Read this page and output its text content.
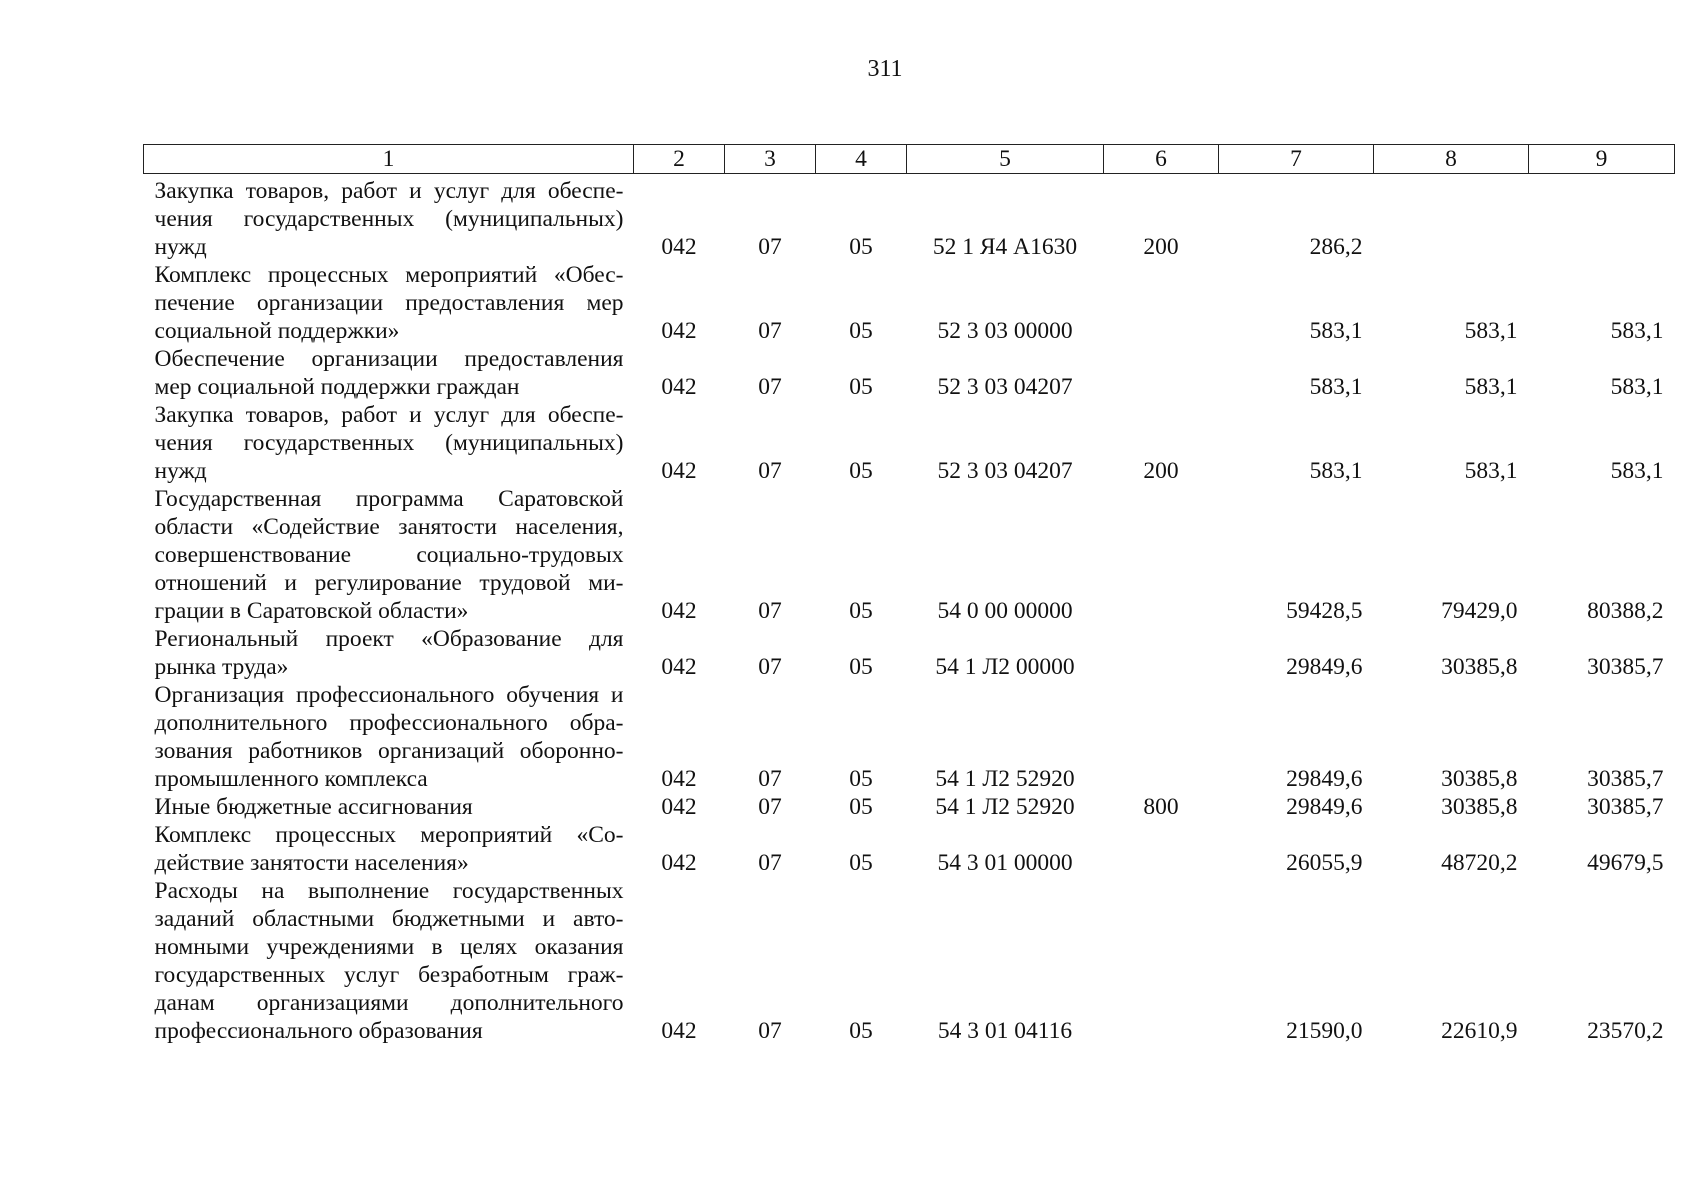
311
1	2	3	4	5	6	7	8	9
Закупка товаров, работ и услуг для обеспе-чения государственных (муниципальных) нужд	042	07	05	52 1 Я4 А1630	200	286,2		
Комплекс процессных мероприятий «Обес-печение организации предоставления мер социальной поддержки»	042	07	05	52 3 03 00000		583,1	583,1	583,1
Обеспечение организации предоставления мер социальной поддержки граждан	042	07	05	52 3 03 04207		583,1	583,1	583,1
Закупка товаров, работ и услуг для обеспе-чения государственных (муниципальных) нужд	042	07	05	52 3 03 04207	200	583,1	583,1	583,1
Государственная программа Саратовской области «Содействие занятости населения, совершенствование социально-трудовых отношений и регулирование трудовой ми-грации в Саратовской области»	042	07	05	54 0 00 00000		59428,5	79429,0	80388,2
Региональный проект «Образование для рынка труда»	042	07	05	54 1 Л2 00000		29849,6	30385,8	30385,7
Организация профессионального обучения и дополнительного профессионального обра-зования работников организаций оборонно-промышленного комплекса	042	07	05	54 1 Л2 52920		29849,6	30385,8	30385,7
Иные бюджетные ассигнования	042	07	05	54 1 Л2 52920	800	29849,6	30385,8	30385,7
Комплекс процессных мероприятий «Со-действие занятости населения»	042	07	05	54 3 01 00000		26055,9	48720,2	49679,5
Расходы на выполнение государственных заданий областными бюджетными и авто-номными учреждениями в целях оказания государственных услуг безработным граж-данам организациями дополнительного профессионального образования	042	07	05	54 3 01 04116		21590,0	22610,9	23570,2
